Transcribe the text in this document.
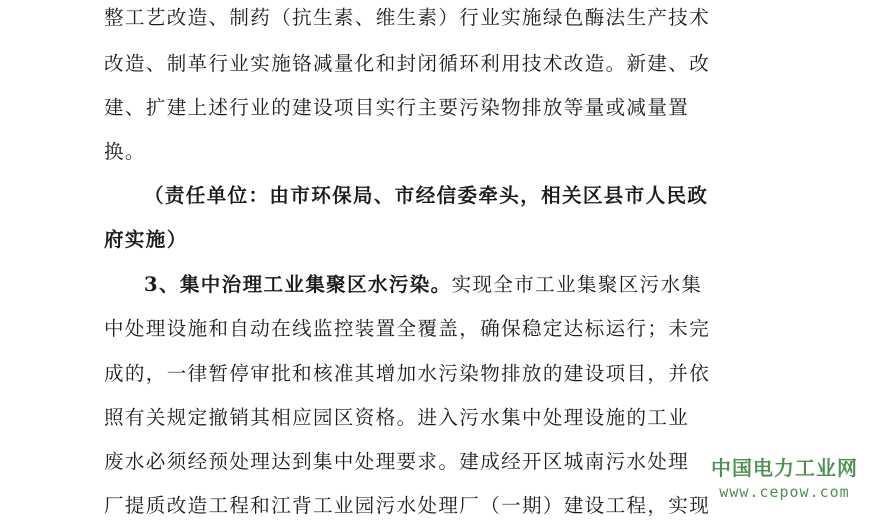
整工艺改造、制药（抗生素、维生素）行业实施绿色酶法生产技术
改造、制革行业实施铬减量化和封闭循环利用技术改造。新建、改
建、扩建上述行业的建设项目实行主要污染物排放等量或减量置
换。
（责任单位：由市环保局、市经信委牵头，相关区县市人民政
府实施）
3、集中治理工业集聚区水污染。实现全市工业集聚区污水集
中处理设施和自动在线监控装置全覆盖，确保稳定达标运行；未完
成的，一律暂停审批和核准其增加水污染物排放的建设项目，并依
照有关规定撤销其相应园区资格。进入污水集中处理设施的工业
废水必须经预处理达到集中处理要求。建成经开区城南污水处理
厂提质改造工程和江背工业园污水处理厂（一期）建设工程，实现
中国电力工业网
www.cepow.com
